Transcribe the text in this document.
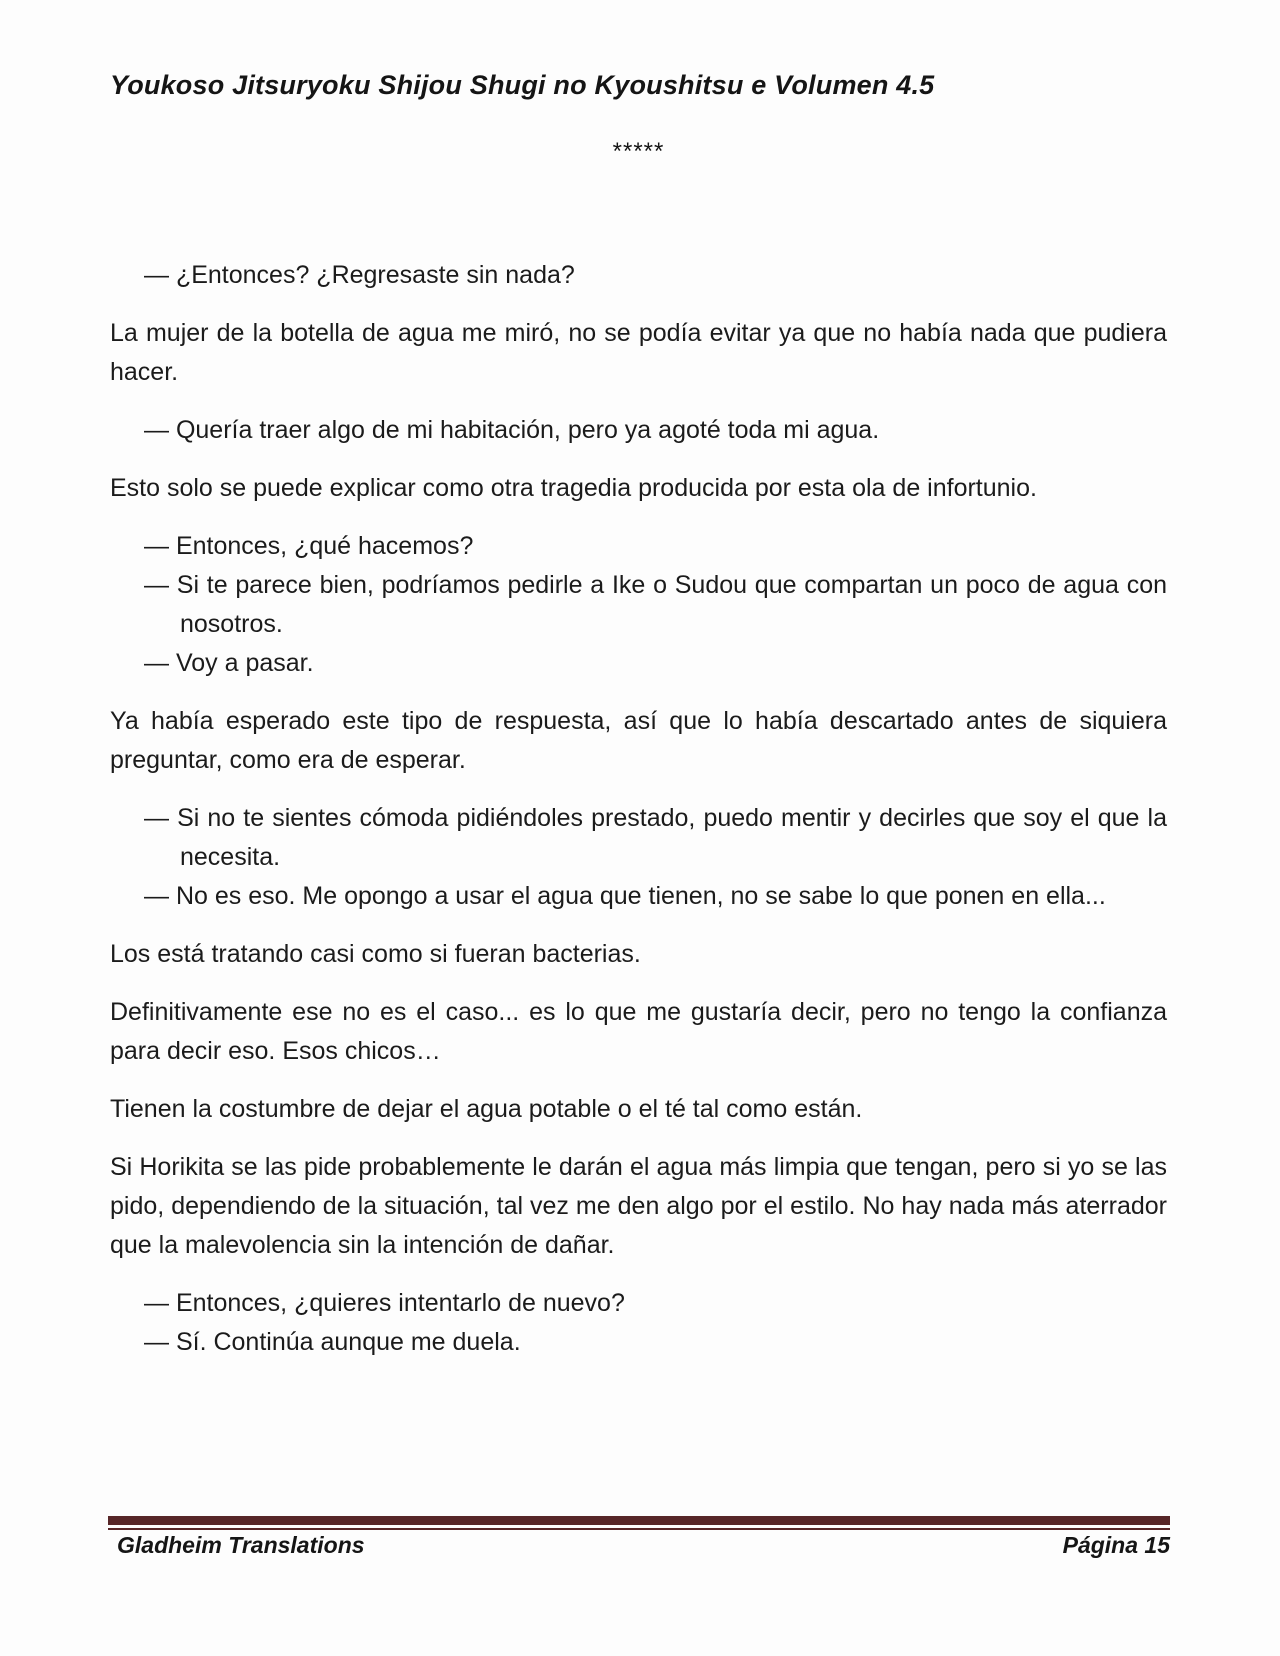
Youkoso Jitsuryoku Shijou Shugi no Kyoushitsu e Volumen 4.5
*****
— ¿Entonces? ¿Regresaste sin nada?

La mujer de la botella de agua me miró, no se podía evitar ya que no había nada que pudiera hacer.

— Quería traer algo de mi habitación, pero ya agoté toda mi agua.

Esto solo se puede explicar como otra tragedia producida por esta ola de infortunio.

— Entonces, ¿qué hacemos?
— Si te parece bien, podríamos pedirle a Ike o Sudou que compartan un poco de agua con nosotros.
— Voy a pasar.

Ya había esperado este tipo de respuesta, así que lo había descartado antes de siquiera preguntar, como era de esperar.

— Si no te sientes cómoda pidiéndoles prestado, puedo mentir y decirles que soy el que la necesita.
— No es eso. Me opongo a usar el agua que tienen, no se sabe lo que ponen en ella...

Los está tratando casi como si fueran bacterias.

Definitivamente ese no es el caso... es lo que me gustaría decir, pero no tengo la confianza para decir eso. Esos chicos…

Tienen la costumbre de dejar el agua potable o el té tal como están.

Si Horikita se las pide probablemente le darán el agua más limpia que tengan, pero si yo se las pido, dependiendo de la situación, tal vez me den algo por el estilo. No hay nada más aterrador que la malevolencia sin la intención de dañar.

— Entonces, ¿quieres intentarlo de nuevo?
— Sí. Continúa aunque me duela.
Gladheim Translations	Página 15
